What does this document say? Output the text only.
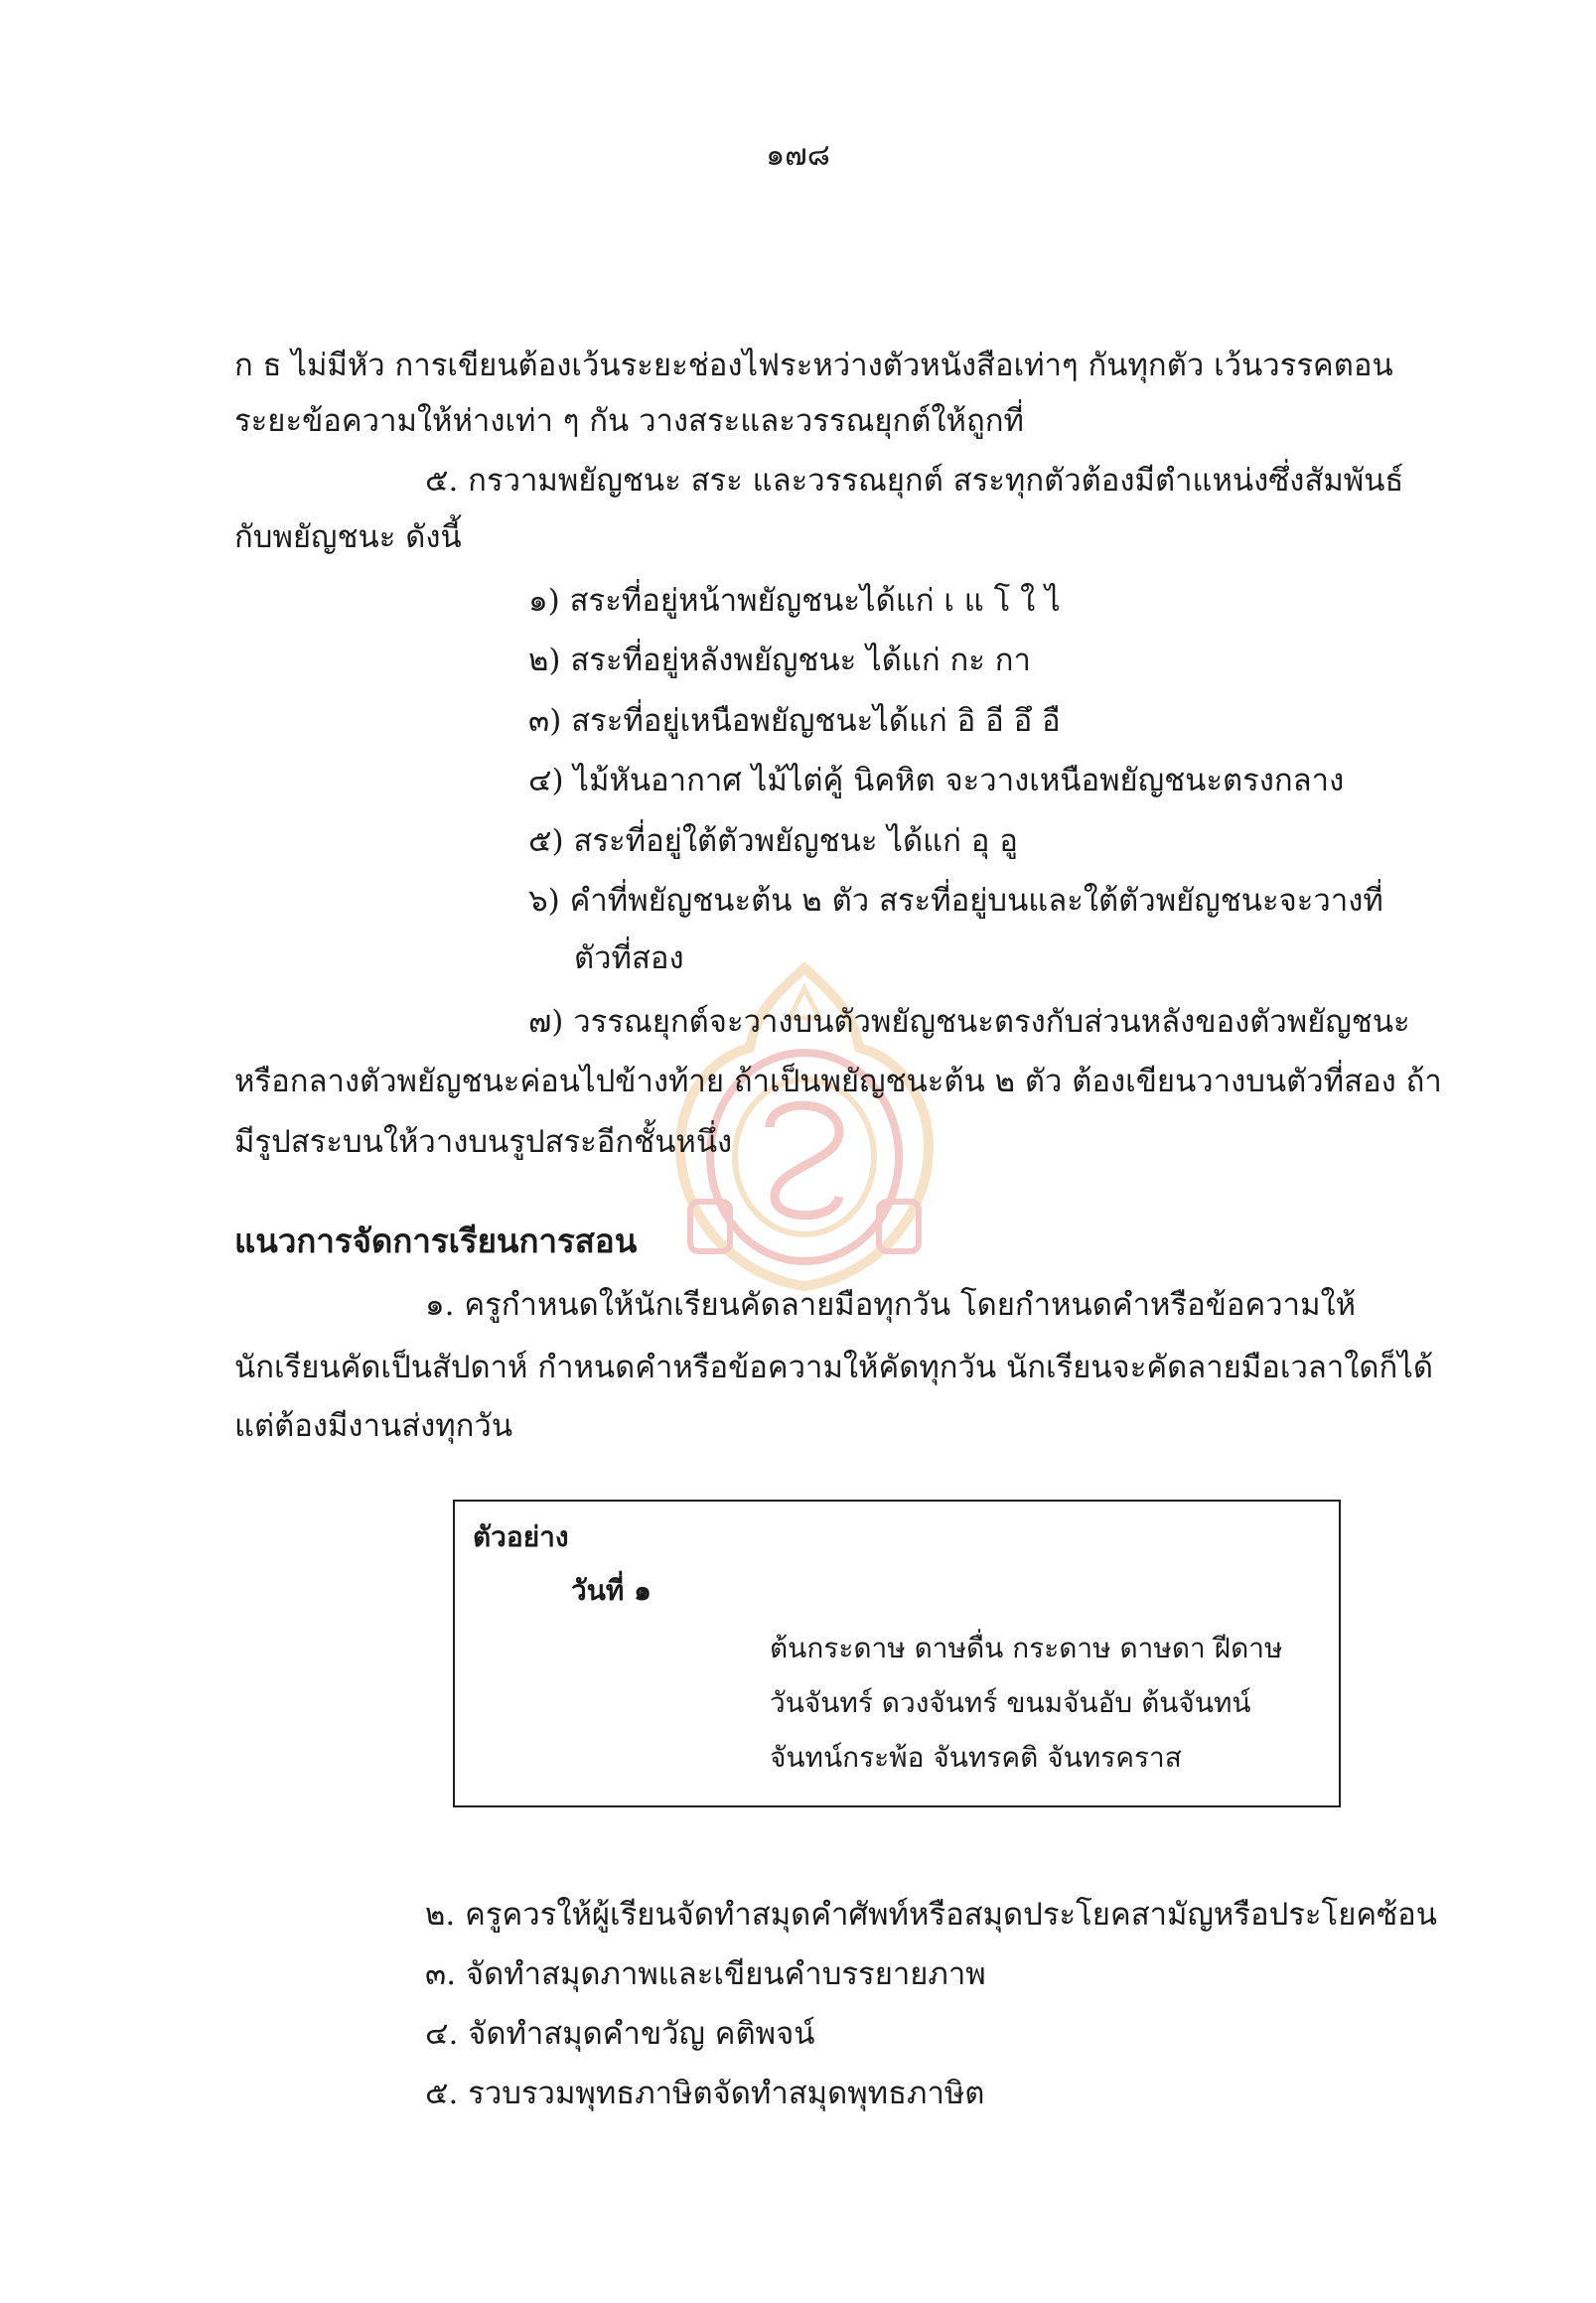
๑๗๘
ก ธ ไม่มีหัว การเขียนต้องเว้นระยะช่องไฟระหว่างตัวหนังสือเท่าๆ กันทุกตัว เว้นวรรคตอน
ระยะข้อความให้ห่างเท่า ๆ กัน วางสระและวรรณยุกต์ให้ถูกที่
๕. กรวามพยัญชนะ สระ และวรรณยุกต์ สระทุกตัวต้องมีตำแหน่งซึ่งสัมพันธ์
กับพยัญชนะ ดังนี้
๑) สระที่อยู่หน้าพยัญชนะได้แก่ เ แ โ ใ ไ
๒) สระที่อยู่หลังพยัญชนะ ได้แก่ กะ กา
๓) สระที่อยู่เหนือพยัญชนะได้แก่ อิ อี อึ อื
๔) ไม้หันอากาศ ไม้ไต่คู้ นิคหิต จะวางเหนือพยัญชนะตรงกลาง
๕) สระที่อยู่ใต้ตัวพยัญชนะ ได้แก่ อุ อู
๖) คำที่พยัญชนะต้น ๒ ตัว สระที่อยู่บนและใต้ตัวพยัญชนะจะวางที่
ตัวที่สอง
๗) วรรณยุกต์จะวางบนตัวพยัญชนะตรงกับส่วนหลังของตัวพยัญชนะ
หรือกลางตัวพยัญชนะค่อนไปข้างท้าย ถ้าเป็นพยัญชนะต้น ๒ ตัว ต้องเขียนวางบนตัวที่สอง ถ้า
มีรูปสระบนให้วางบนรูปสระอีกชั้นหนึ่ง
แนวการจัดการเรียนการสอน
๑. ครูกำหนดให้นักเรียนคัดลายมือทุกวัน โดยกำหนดคำหรือข้อความให้
นักเรียนคัดเป็นสัปดาห์ กำหนดคำหรือข้อความให้คัดทุกวัน นักเรียนจะคัดลายมือเวลาใดก็ได้
แต่ต้องมีงานส่งทุกวัน
ตัวอย่าง
วันที่ ๑
ต้นกระดาษ ดาษดื่น กระดาษ ดาษดา ฝีดาษ
วันจันทร์ ดวงจันทร์ ขนมจันอับ ต้นจันทน์
จันทน์กระพ้อ จันทรคติ จันทรคราส
๒. ครูควรให้ผู้เรียนจัดทำสมุดคำศัพท์หรือสมุดประโยคสามัญหรือประโยคซ้อน
๓. จัดทำสมุดภาพและเขียนคำบรรยายภาพ
๔. จัดทำสมุดคำขวัญ คติพจน์
๕. รวบรวมพุทธภาษิตจัดทำสมุดพุทธภาษิต
